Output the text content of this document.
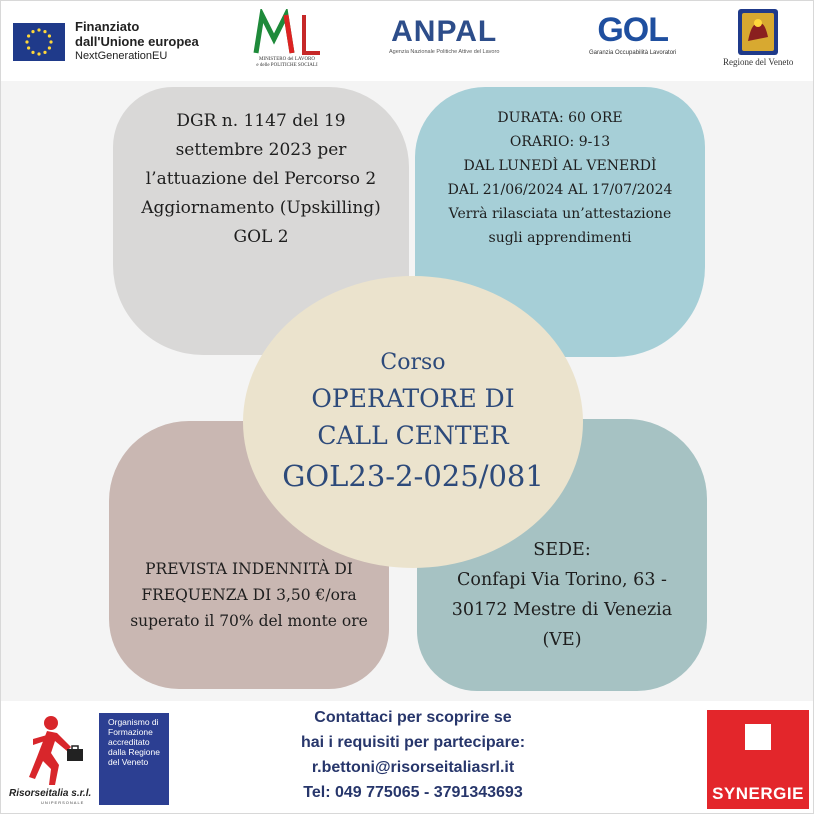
Finanziato
dall'Unione europea
NextGenerationEU	MINISTERO del LAVORO
e delle POLITICHE SOCIALI
ANPAL
Agenzia Nazionale Politiche Attive del Lavoro
GOL
Garanzia Occupabilità Lavoratori
Regione del Veneto
DGR n. 1147 del 19
settembre 2023 per
l’attuazione del Percorso 2
Aggiornamento (Upskilling)
GOL 2
DURATA: 60 ORE
ORARIO: 9-13
DAL LUNEDÌ AL VENERDÌ
DAL 21/06/2024 AL 17/07/2024
Verrà rilasciata un’attestazione
sugli apprendimenti
PREVISTA INDENNITÀ DI
FREQUENZA DI 3,50 €/ora
superato il 70% del monte ore
SEDE:
Confapi Via Torino, 63 -
30172 Mestre di Venezia
(VE)
Corso
OPERATORE DI
CALL CENTER
GOL23-2-025/081
Risorseitalia s.r.l.
UNIPERSONALE
Organismo di Formazione accreditato dalla Regione del Veneto
Contattaci per scoprire se
hai i requisiti per partecipare:
r.bettoni@risorseitaliasrl.it
Tel: 049 775065 - 3791343693	SYNERGIE
